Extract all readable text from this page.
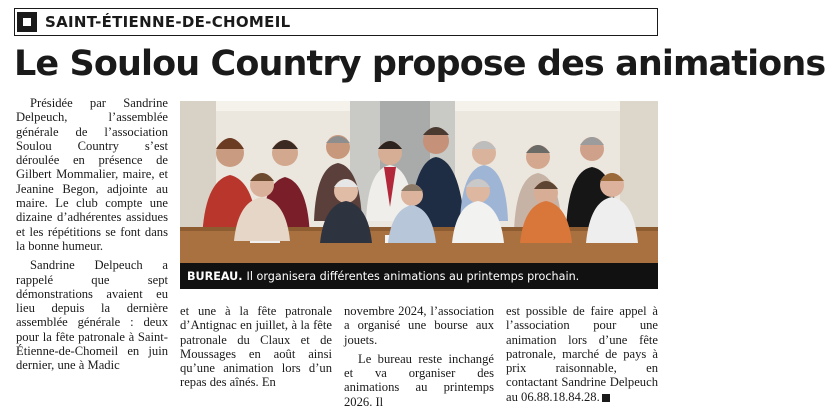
SAINT-ÉTIENNE-DE-CHOMEIL
Le Soulou Country propose des animations

Présidée par Sandrine Delpeuch, l’assemblée générale de l’association Soulou Country s’est déroulée en présence de Gilbert Mommalier, maire, et Jeanine Begon, adjointe au maire. Le club compte une dizaine d’adhérentes assidues et les répétitions se font dans la bonne humeur.

Sandrine Delpeuch a rappelé que sept démonstrations avaient eu lieu depuis la dernière assemblée générale : deux pour la fête patronale à Saint-Étienne-de-Chomeil en juin dernier, une à Madic

BUREAU. Il organisera différentes animations au printemps prochain.

et une à la fête patronale d’Antignac en juillet, à la fête patronale du Claux et de Moussages en août ainsi qu’une animation lors d’un repas des aînés. En

novembre 2024, l’association a organisé une bourse aux jouets.

Le bureau reste inchangé et va organiser des animations au printemps 2026. Il

est possible de faire appel à l’association pour une animation lors d’une fête patronale, marché de pays à prix raisonnable, en contactant Sandrine Delpeuch au 06.88.18.84.28.
